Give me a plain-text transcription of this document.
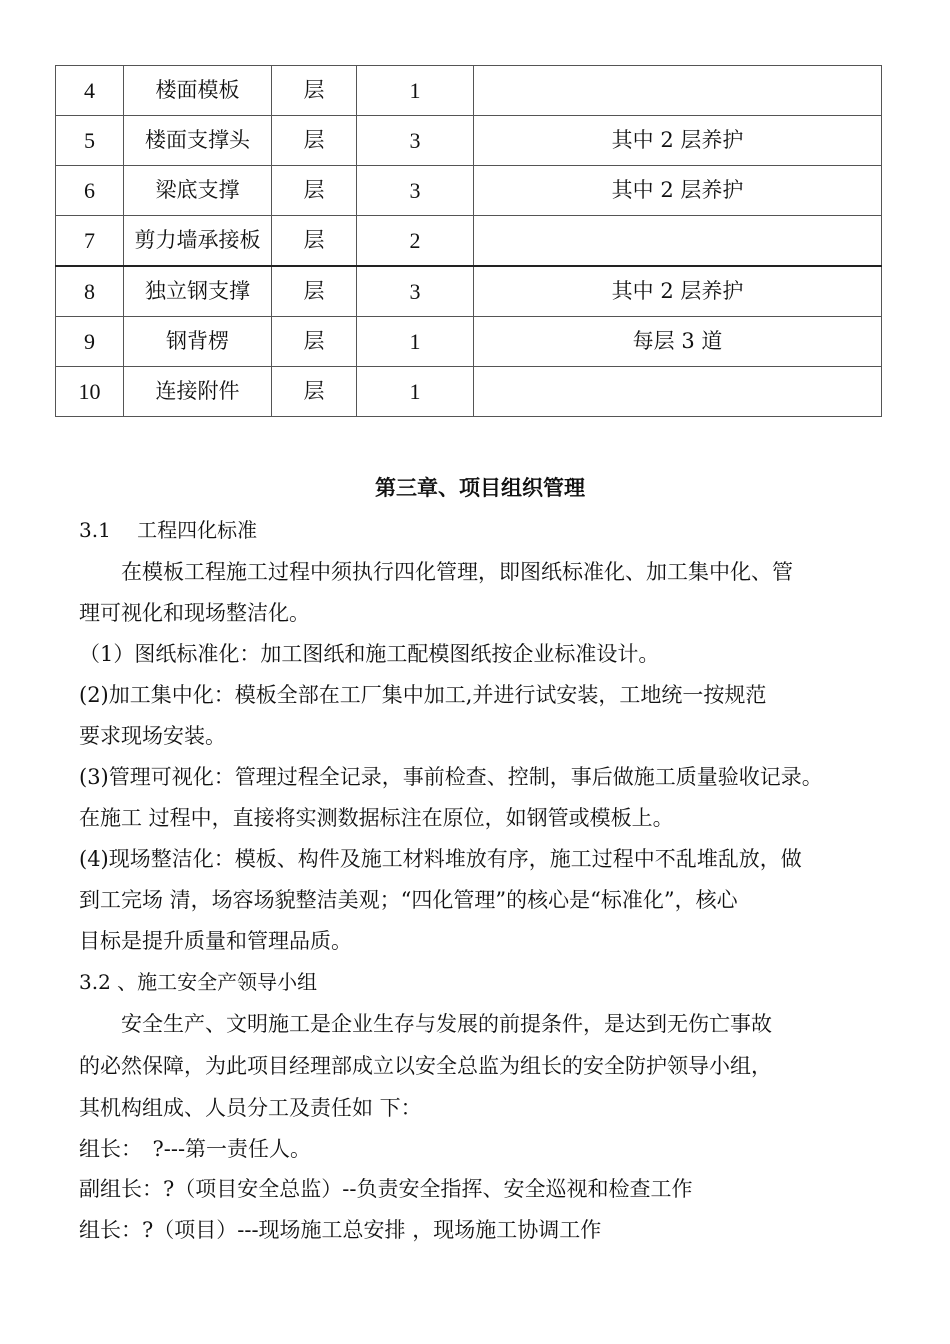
4	楼面模板	层	1	
5	楼面支撑头	层	3	其中 2 层养护
6	梁底支撑	层	3	其中 2 层养护
7	剪力墙承接板	层	2	
8	独立钢支撑	层	3	其中 2 层养护
9	钢背楞	层	1	每层 3 道
10	连接附件	层	1	
第三章、项目组织管理
3.1　 工程四化标准
　　在模板工程施工过程中须执行四化管理，即图纸标准化、加工集中化、管
理可视化和现场整洁化。
（1）图纸标准化：加工图纸和施工配模图纸按企业标准设计。
(2)加工集中化：模板全部在工厂集中加工,并进行试安装，工地统一按规范
要求现场安装。
(3)管理可视化：管理过程全记录，事前检查、控制，事后做施工质量验收记录。
在施工 过程中，直接将实测数据标注在原位，如钢管或模板上。
(4)现场整洁化：模板、构件及施工材料堆放有序，施工过程中不乱堆乱放，做
到工完场 清，场容场貌整洁美观；“四化管理”的核心是“标准化”，核心
目标是提升质量和管理品质。
3.2 、施工安全产领导小组
　　安全生产、文明施工是企业生存与发展的前提条件，是达到无伤亡事故
的必然保障，为此项目经理部成立以安全总监为组长的安全防护领导小组，
其机构组成、人员分工及责任如 下：
组长：　?---第一责任人。
副组长：?（项目安全总监）--负责安全指挥、安全巡视和检查工作
组长：?（项目）---现场施工总安排 ，现场施工协调工作
